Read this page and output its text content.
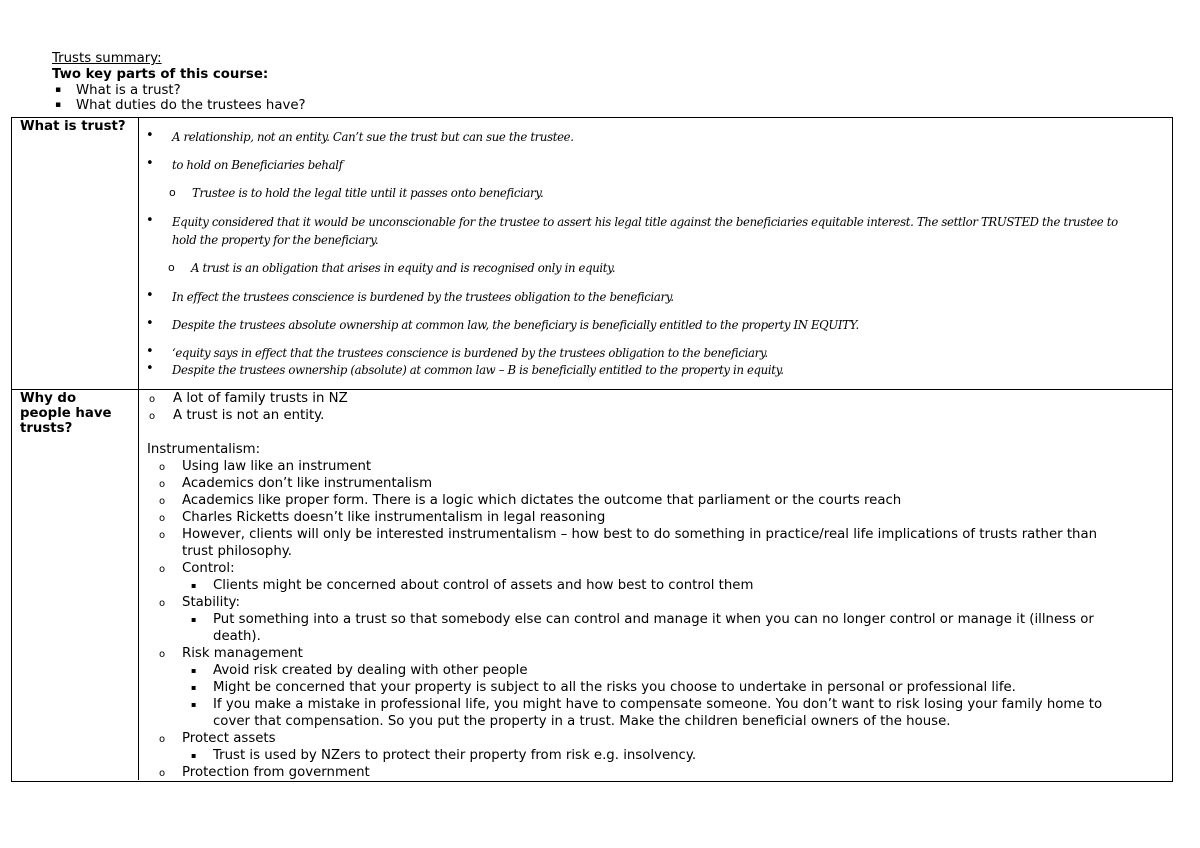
Trusts summary:
Two key parts of this course:
▪ What is a trust?
▪ What duties do the trustees have?
What is trust?
• A relationship, not an entity. Can’t sue the trust but can sue the trustee.
• to hold on Beneficiaries behalf
o Trustee is to hold the legal title until it passes onto beneficiary.
• Equity considered that it would be unconscionable for the trustee to assert his legal title against the beneficiaries equitable interest. The settlor TRUSTED the trustee to
hold the property for the beneficiary.
o A trust is an obligation that arises in equity and is recognised only in equity.
• In effect the trustees conscience is burdened by the trustees obligation to the beneficiary.
• Despite the trustees absolute ownership at common law, the beneficiary is beneficially entitled to the property IN EQUITY.
• ‘equity says in effect that the trustees conscience is burdened by the trustees obligation to the beneficiary.
• Despite the trustees ownership (absolute) at common law – B is beneficially entitled to the property in equity.
Why do people have trusts?
o A lot of family trusts in NZ
o A trust is not an entity.
Instrumentalism:
o Using law like an instrument
o Academics don’t like instrumentalism
o Academics like proper form. There is a logic which dictates the outcome that parliament or the courts reach
o Charles Ricketts doesn’t like instrumentalism in legal reasoning
o However, clients will only be interested instrumentalism – how best to do something in practice/real life implications of trusts rather than
trust philosophy.
o Control:
▪ Clients might be concerned about control of assets and how best to control them
o Stability:
▪ Put something into a trust so that somebody else can control and manage it when you can no longer control or manage it (illness or
death).
o Risk management
▪ Avoid risk created by dealing with other people
▪ Might be concerned that your property is subject to all the risks you choose to undertake in personal or professional life.
▪ If you make a mistake in professional life, you might have to compensate someone. You don’t want to risk losing your family home to
cover that compensation. So you put the property in a trust. Make the children beneficial owners of the house.
o Protect assets
▪ Trust is used by NZers to protect their property from risk e.g. insolvency.
o Protection from government
